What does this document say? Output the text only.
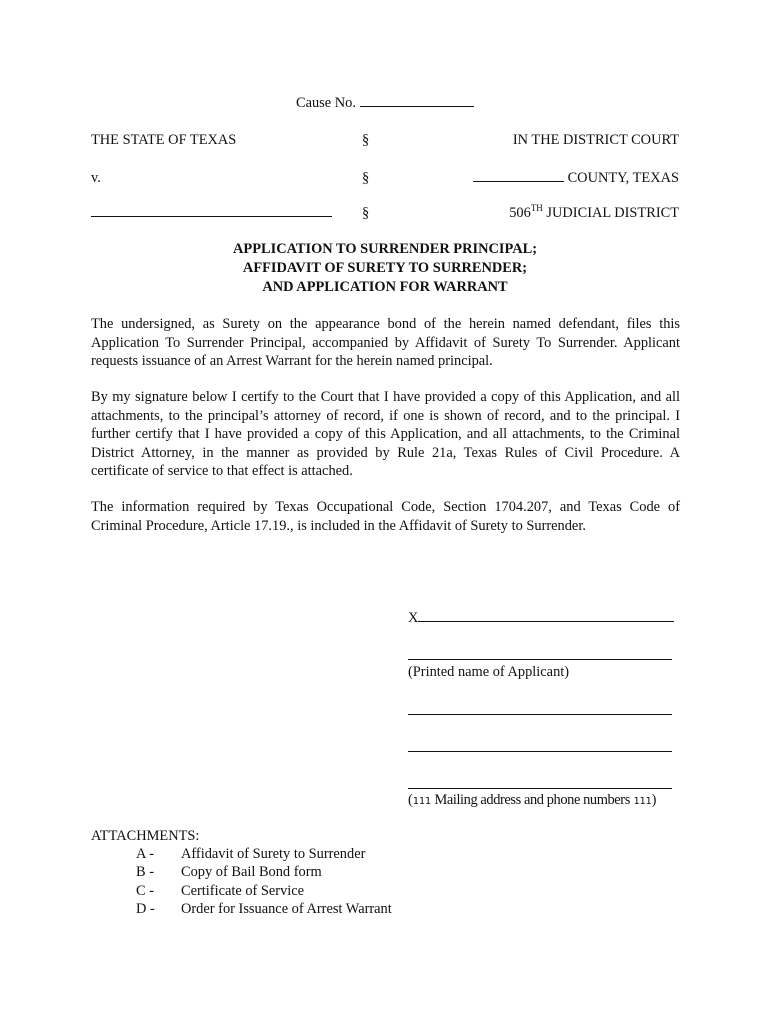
Cause No.
THE STATE OF TEXAS	§	IN THE DISTRICT COURT
v.	§	COUNTY, TEXAS
§	506TH JUDICIAL DISTRICT
APPLICATION TO SURRENDER PRINCIPAL;
AFFIDAVIT OF SURETY TO SURRENDER;
AND APPLICATION FOR WARRANT
The undersigned, as Surety on the appearance bond of the herein named defendant, files this Application To Surrender Principal, accompanied by Affidavit of Surety To Surrender. Applicant requests issuance of an Arrest Warrant for the herein named principal.
By my signature below I certify to the Court that I have provided a copy of this Application, and all attachments, to the principal’s attorney of record, if one is shown of record, and to the principal. I further certify that I have provided a copy of this Application, and all attachments, to the Criminal District Attorney, in the manner as provided by Rule 21a, Texas Rules of Civil Procedure. A certificate of service to that effect is attached.
The information required by Texas Occupational Code, Section 1704.207, and Texas Code of Criminal Procedure, Article 17.19., is included in the Affidavit of Surety to Surrender.
X
(Printed name of Applicant)
(111 Mailing address and phone numbers 111)
ATTACHMENTS:
A - Affidavit of Surety to Surrender
B - Copy of Bail Bond form
C - Certificate of Service
D - Order for Issuance of Arrest Warrant
